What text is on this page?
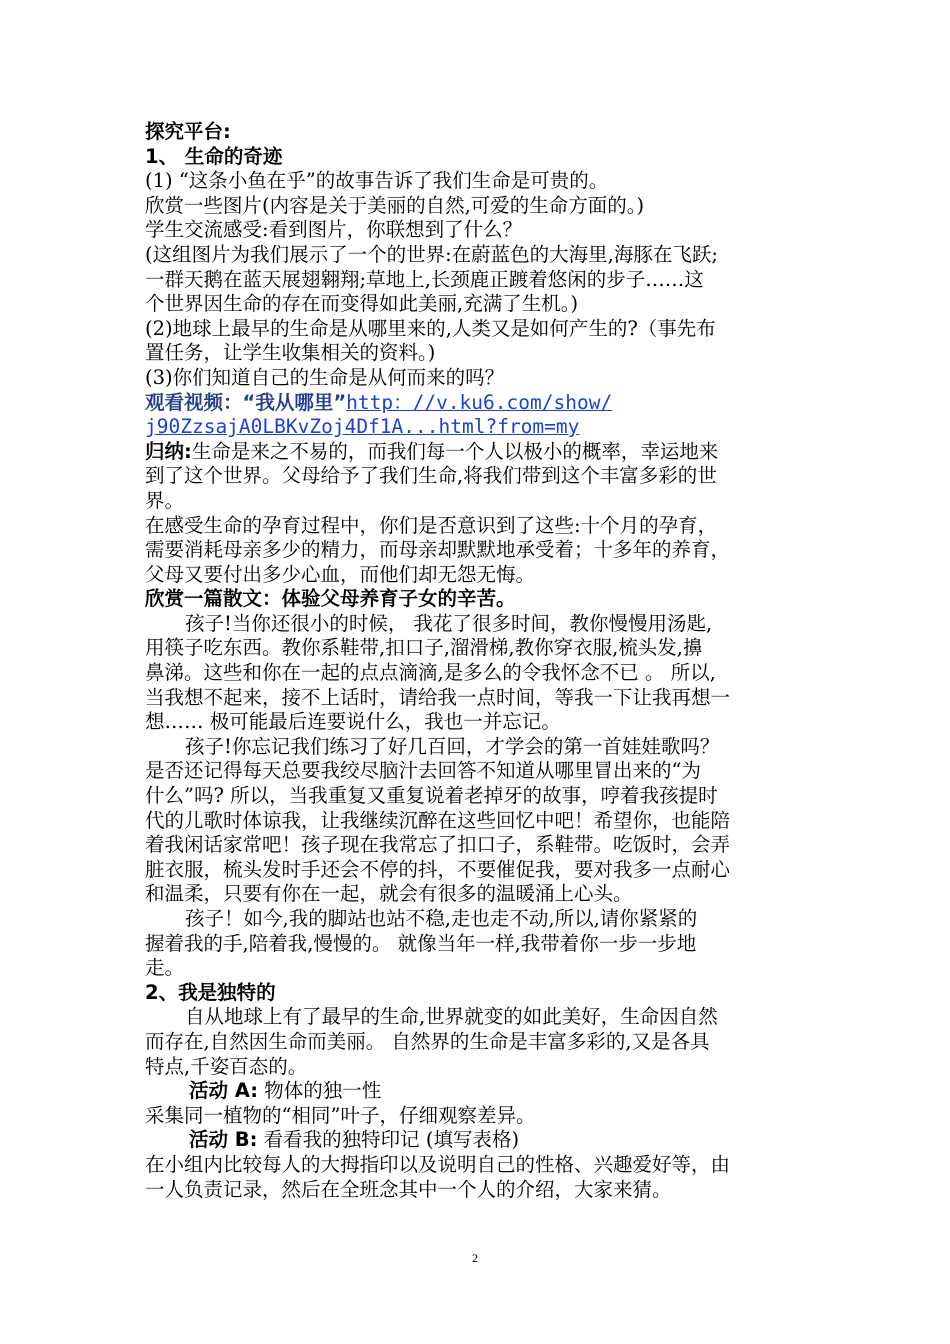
探究平台:
1、 生命的奇迹
(1) “这条小鱼在乎”的故事告诉了我们生命是可贵的。
欣赏一些图片(内容是关于美丽的自然,可爱的生命方面的。)
学生交流感受:看到图片，你联想到了什么？
(这组图片为我们展示了一个的世界:在蔚蓝色的大海里,海豚在飞跃;
一群天鹅在蓝天展翅翱翔;草地上,长颈鹿正踱着悠闲的步子……这
个世界因生命的存在而变得如此美丽,充满了生机。)
(2)地球上最早的生命是从哪里来的,人类又是如何产生的?（事先布
置任务，让学生收集相关的资料。)
(3)你们知道自己的生命是从何而来的吗？
观看视频：“我从哪里”http：//v.ku6.com/show/
j90ZzsajA0LBKvZoj4Df1A...html?from=my
归纳:生命是来之不易的，而我们每一个人以极小的概率，幸运地来
到了这个世界。父母给予了我们生命,将我们带到这个丰富多彩的世
界。
在感受生命的孕育过程中，你们是否意识到了这些:十个月的孕育，
需要消耗母亲多少的精力，而母亲却默默地承受着；十多年的养育，
父母又要付出多少心血，而他们却无怨无悔。
欣赏一篇散文：体验父母养育子女的辛苦。
孩子!当你还很小的时候， 我花了很多时间，教你慢慢用汤匙,
用筷子吃东西。教你系鞋带,扣口子,溜滑梯,教你穿衣服,梳头发,擤
鼻涕。这些和你在一起的点点滴滴,是多么的令我怀念不已 。 所以,
当我想不起来，接不上话时，请给我一点时间，等我一下让我再想一
想…… 极可能最后连要说什么，我也一并忘记。
孩子!你忘记我们练习了好几百回，才学会的第一首娃娃歌吗？
是否还记得每天总要我绞尽脑汁去回答不知道从哪里冒出来的“为
什么”吗? 所以，当我重复又重复说着老掉牙的故事，哼着我孩提时
代的儿歌时体谅我，让我继续沉醉在这些回忆中吧！希望你，也能陪
着我闲话家常吧！孩子现在我常忘了扣口子，系鞋带。吃饭时，会弄
脏衣服，梳头发时手还会不停的抖，不要催促我，要对我多一点耐心
和温柔，只要有你在一起，就会有很多的温暖涌上心头。
孩子！如今,我的脚站也站不稳,走也走不动,所以,请你紧紧的
握着我的手,陪着我,慢慢的。 就像当年一样,我带着你一步一步地
走。
2、我是独特的
自从地球上有了最早的生命,世界就变的如此美好，生命因自然
而存在,自然因生命而美丽。 自然界的生命是丰富多彩的,又是各具
特点,千姿百态的。
活动 A: 物体的独一性
采集同一植物的“相同”叶子，仔细观察差异。
活动 B: 看看我的独特印记 (填写表格)
在小组内比较每人的大拇指印以及说明自己的性格、兴趣爱好等，由
一人负责记录，然后在全班念其中一个人的介绍，大家来猜。
2
